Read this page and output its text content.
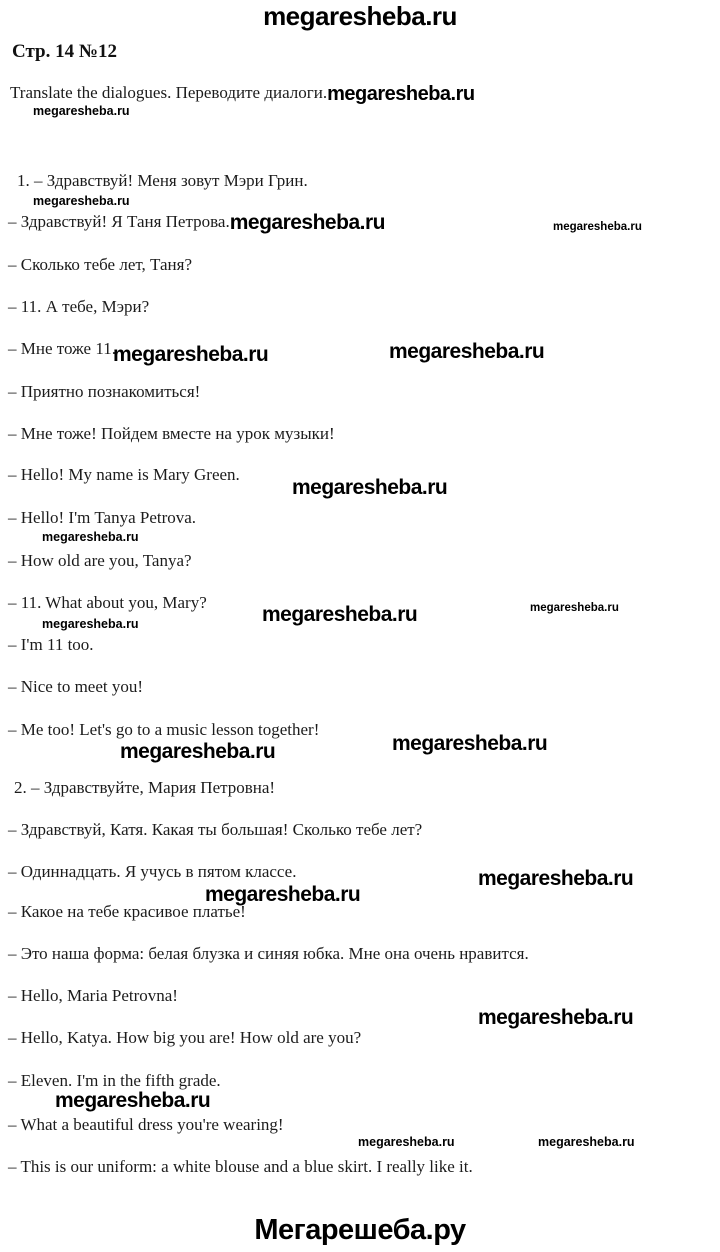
megaresheba.ru
Стр. 14 №12
Translate the dialogues. Переводите диалоги.megaresheba.ru
megaresheba.ru
1. – Здравствуй! Меня зовут Мэри Грин.
megaresheba.ru
– Здравствуй! Я Таня Петрова.megaresheba.ru	megaresheba.ru
– Сколько тебе лет, Таня?
– 11. А тебе, Мэри?
– Мне тоже 11.
megaresheba.ru	megaresheba.ru
– Приятно познакомиться!
– Мне тоже! Пойдем вместе на урок музыки!
– Hello! My name is Mary Green.
megaresheba.ru
– Hello! I'm Tanya Petrova.
megaresheba.ru
– How old are you, Tanya?
– 11. What about you, Mary?
megaresheba.ru	megaresheba.ru
megaresheba.ru
– I'm 11 too.
– Nice to meet you!
– Me too! Let's go to a music lesson together!
megaresheba.ru	megaresheba.ru
2. – Здравствуйте, Мария Петровна!
– Здравствуй, Катя. Какая ты большая! Сколько тебе лет?
– Одиннадцать. Я учусь в пятом классе.	megaresheba.ru
megaresheba.ru
– Какое на тебе красивое платье!
– Это наша форма: белая блузка и синяя юбка. Мне она очень нравится.
– Hello, Maria Petrovna!
megaresheba.ru
– Hello, Katya. How big you are! How old are you?
– Eleven. I'm in the fifth grade.
megaresheba.ru
– What a beautiful dress you're wearing!
megaresheba.ru	megaresheba.ru
– This is our uniform: a white blouse and a blue skirt. I really like it.
Мегарешеба.ру
